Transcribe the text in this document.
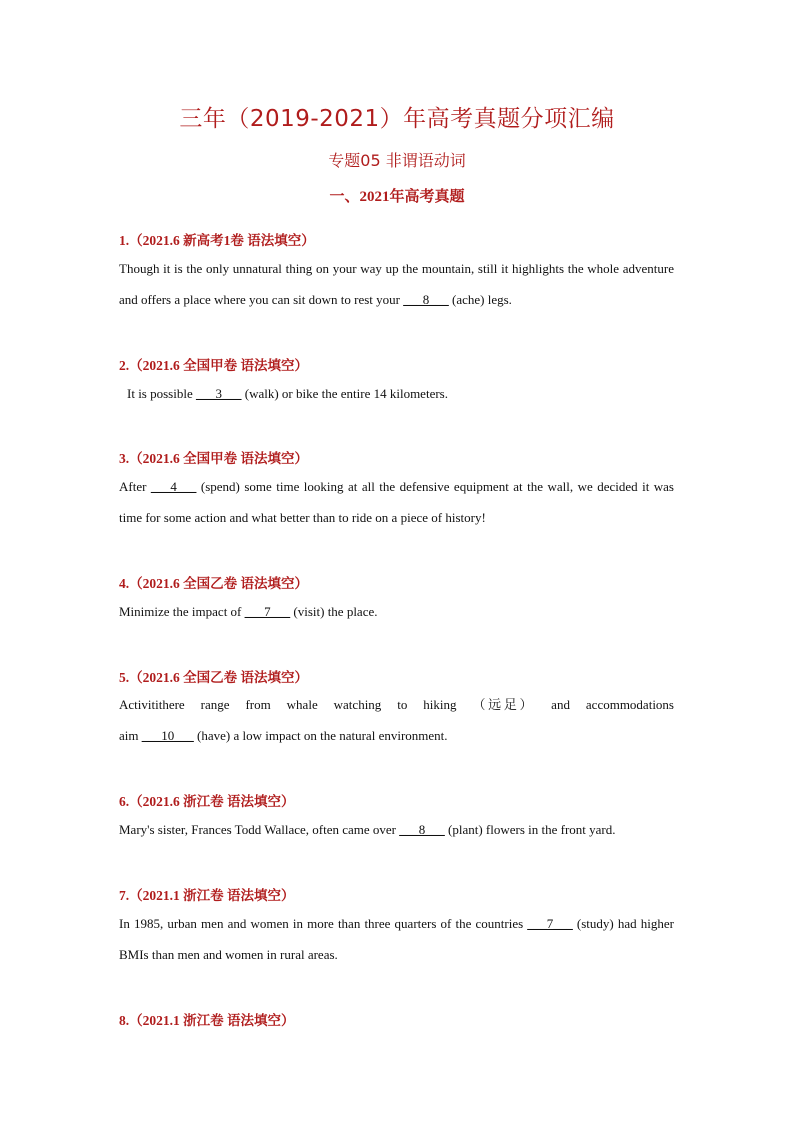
三年（2019-2021）年高考真题分项汇编
专题05 非谓语动词
一、2021年高考真题
1.（2021.6 新高考1卷 语法填空）
Though it is the only unnatural thing on your way up the mountain, still it highlights the whole adventure and offers a place where you can sit down to rest your ___8___ (ache) legs.
2.（2021.6 全国甲卷 语法填空）
It is possible ___3___ (walk) or bike the entire 14 kilometers.
3.（2021.6 全国甲卷 语法填空）
After ___4___ (spend) some time looking at all the defensive equipment at the wall, we decided it was time for some action and what better than to ride on a piece of history!
4.（2021.6 全国乙卷 语法填空）
Minimize the impact of ___7___ (visit) the place.
5.（2021.6 全国乙卷 语法填空）
Activitithere range from whale watching to hiking （远足） and accommodations
aim ___10___ (have) a low impact on the natural environment.
6.（2021.6 浙江卷 语法填空）
Mary's sister, Frances Todd Wallace, often came over ___8___ (plant) flowers in the front yard.
7.（2021.1 浙江卷 语法填空）
In 1985, urban men and women in more than three quarters of the countries ___7___ (study) had higher BMIs than men and women in rural areas.
8.（2021.1 浙江卷 语法填空）
